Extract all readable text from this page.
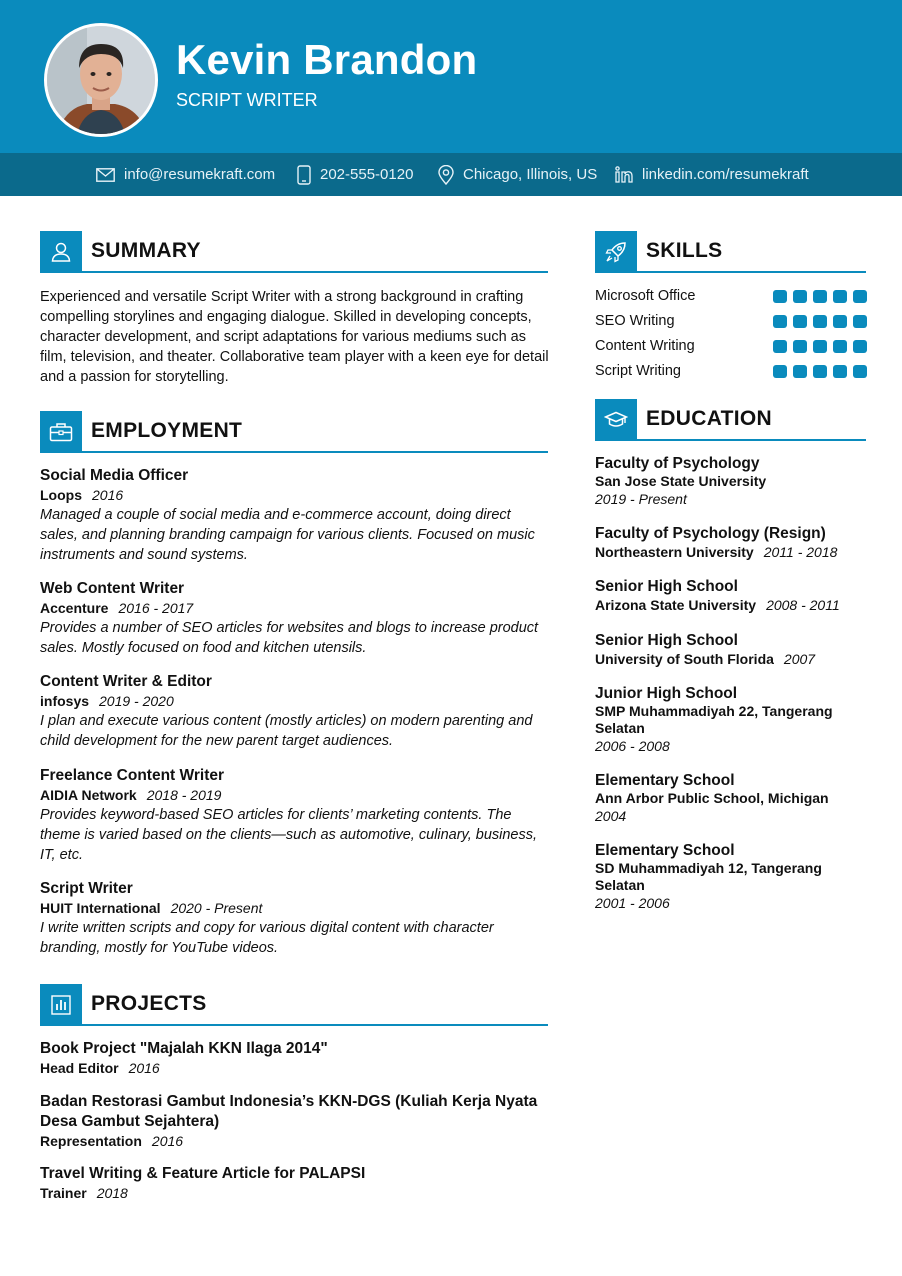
Kevin Brandon
SCRIPT WRITER
info@resumekraft.com	202-555-0120	Chicago, Illinois, US	linkedin.com/resumekraft
SUMMARY
Experienced and versatile Script Writer with a strong background in crafting compelling storylines and engaging dialogue. Skilled in developing concepts, character development, and script adaptations for various mediums such as film, television, and theater. Collaborative team player with a keen eye for detail and a passion for storytelling.
EMPLOYMENT
Social Media Officer
Loops 2016
Managed a couple of social media and e-commerce account, doing direct sales, and planning branding campaign for various clients. Focused on music instruments and sound systems.
Web Content Writer
Accenture 2016 - 2017
Provides a number of SEO articles for websites and blogs to increase product sales. Mostly focused on food and kitchen utensils.
Content Writer & Editor
infosys 2019 - 2020
I plan and execute various content (mostly articles) on modern parenting and child development for the new parent target audiences.
Freelance Content Writer
AIDIA Network 2018 - 2019
Provides keyword-based SEO articles for clients’ marketing contents. The theme is varied based on the clients—such as automotive, culinary, business, IT, etc.
Script Writer
HUIT International 2020 - Present
I write written scripts and copy for various digital content with character branding, mostly for YouTube videos.
PROJECTS
Book Project "Majalah KKN Ilaga 2014"
Head Editor 2016
Badan Restorasi Gambut Indonesia’s KKN-DGS (Kuliah Kerja Nyata Desa Gambut Sejahtera)
Representation 2016
Travel Writing & Feature Article for PALAPSI
Trainer 2018
SKILLS
Microsoft Office
SEO Writing
Content Writing
Script Writing
EDUCATION
Faculty of Psychology
San Jose State University
2019 - Present
Faculty of Psychology (Resign)
Northeastern University 2011 - 2018
Senior High School
Arizona State University 2008 - 2011
Senior High School
University of South Florida 2007
Junior High School
SMP Muhammadiyah 22, Tangerang Selatan
2006 - 2008
Elementary School
Ann Arbor Public School, Michigan
2004
Elementary School
SD Muhammadiyah 12, Tangerang Selatan
2001 - 2006
